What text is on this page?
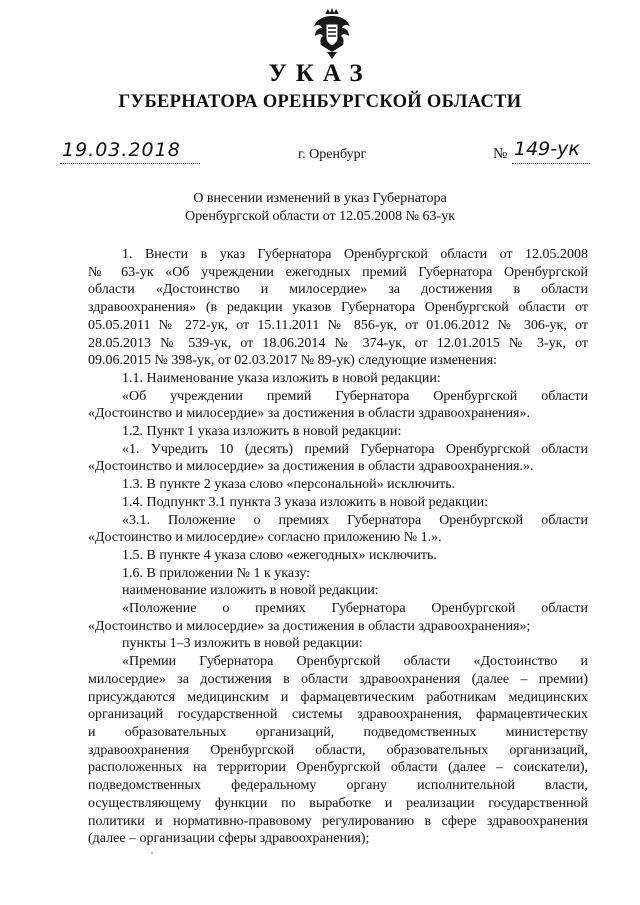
УКАЗ
ГУБЕРНАТОРА ОРЕНБУРГСКОЙ ОБЛАСТИ
19.03.2018	г. Оренбург	№ 149-ук
О внесении изменений в указ Губернатора
Оренбургской области от 12.05.2008 № 63-ук

1. Внести в указ Губернатора Оренбургской области от 12.05.2008

№ 63-ук «Об учреждении ежегодных премий Губернатора Оренбургской

области «Достоинство и милосердие» за достижения в области

здравоохранения» (в редакции указов Губернатора Оренбургской области от

05.05.2011 № 272-ук, от 15.11.2011 № 856-ук, от 01.06.2012 № 306-ук, от

28.05.2013 № 539-ук, от 18.06.2014 № 374-ук, от 12.01.2015 № 3-ук, от

09.06.2015 № 398-ук, от 02.03.2017 № 89-ук) следующие изменения:

1.1. Наименование указа изложить в новой редакции:

«Об учреждении премий Губернатора Оренбургской области

«Достоинство и милосердие» за достижения в области здравоохранения».

1.2. Пункт 1 указа изложить в новой редакции:

«1. Учредить 10 (десять) премий Губернатора Оренбургской области

«Достоинство и милосердие» за достижения в области здравоохранения.».

1.3. В пункте 2 указа слово «персональной» исключить.

1.4. Подпункт 3.1 пункта 3 указа изложить в новой редакции:

«3.1. Положение о премиях Губернатора Оренбургской области

«Достоинство и милосердие» согласно приложению № 1.».

1.5. В пункте 4 указа слово «ежегодных» исключить.

1.6. В приложении № 1 к указу:

наименование изложить в новой редакции:

«Положение о премиях Губернатора Оренбургской области

«Достоинство и милосердие» за достижения в области здравоохранения»;

пункты 1–3 изложить в новой редакции:

«Премии Губернатора Оренбургской области «Достоинство и

милосердие» за достижения в области здравоохранения (далее – премии)

присуждаются медицинским и фармацевтическим работникам медицинских

организаций государственной системы здравоохранения, фармацевтических

и образовательных организаций, подведомственных министерству

здравоохранения Оренбургской области, образовательных организаций,

расположенных на территории Оренбургской области (далее – соискатели),

подведомственных федеральному органу исполнительной власти,

осуществляющему функции по выработке и реализации государственной

политики и нормативно-правовому регулированию в сфере здравоохранения

(далее – организации сферы здравоохранения);
